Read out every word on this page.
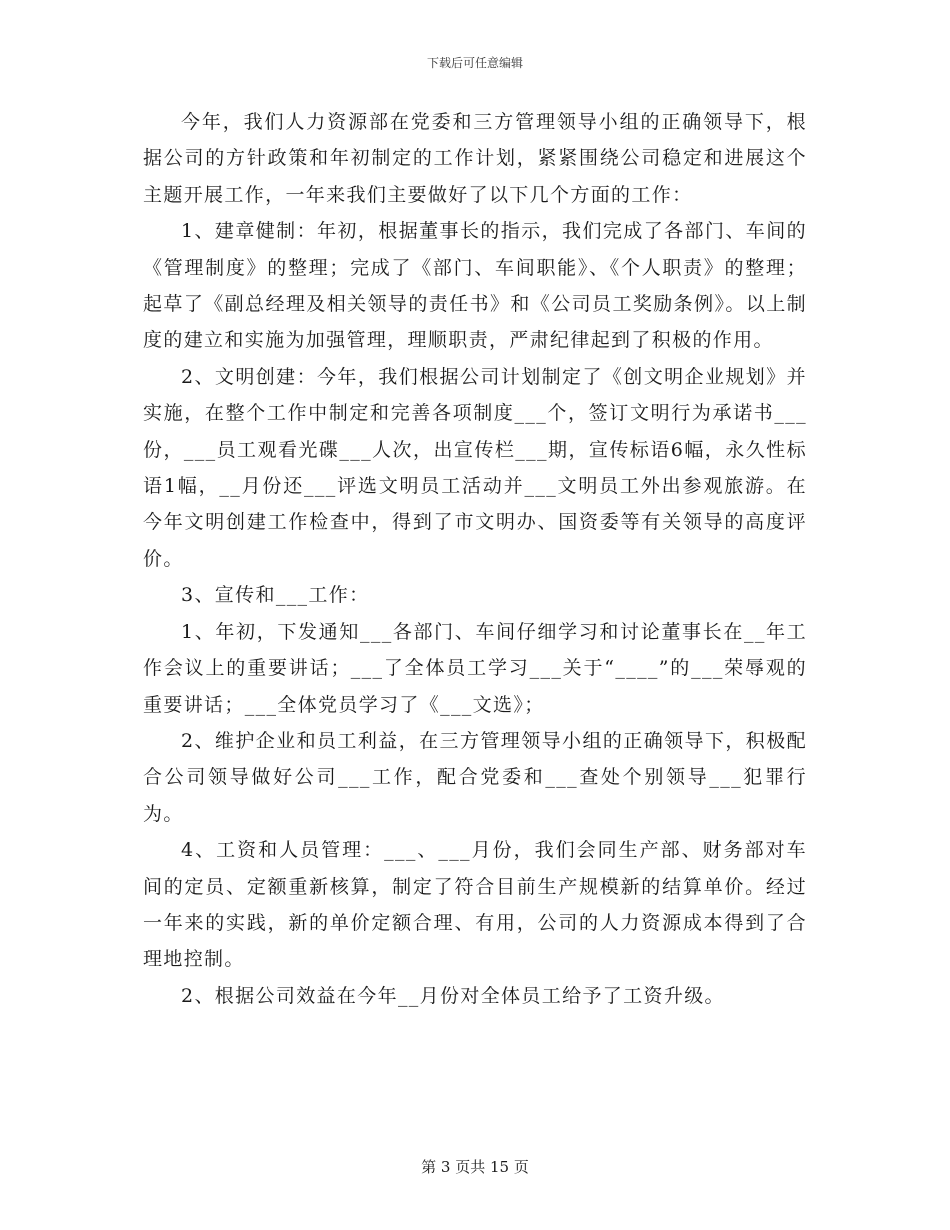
下载后可任意编辑

今年，我们人力资源部在党委和三方管理领导小组的正确领导下，根据公司的方针政策和年初制定的工作计划，紧紧围绕公司稳定和进展这个主题开展工作，一年来我们主要做好了以下几个方面的工作：

1、建章健制：年初，根据董事长的指示，我们完成了各部门、车间的《管理制度》的整理；完成了《部门、车间职能》、《个人职责》的整理；起草了《副总经理及相关领导的责任书》和《公司员工奖励条例》。以上制度的建立和实施为加强管理，理顺职责，严肃纪律起到了积极的作用。

2、文明创建：今年，我们根据公司计划制定了《创文明企业规划》并实施，在整个工作中制定和完善各项制度___个，签订文明行为承诺书___份，___员工观看光碟___人次，出宣传栏___期，宣传标语6幅，永久性标语1幅，__月份还___评选文明员工活动并___文明员工外出参观旅游。在今年文明创建工作检查中，得到了市文明办、国资委等有关领导的高度评价。

3、宣传和___工作：

1、年初，下发通知___各部门、车间仔细学习和讨论董事长在__年工作会议上的重要讲话；___了全体员工学习___关于“____”的___荣辱观的重要讲话；___全体党员学习了《___文选》；

2、维护企业和员工利益，在三方管理领导小组的正确领导下，积极配合公司领导做好公司___工作，配合党委和___查处个别领导___犯罪行为。

4、工资和人员管理：___、___月份，我们会同生产部、财务部对车间的定员、定额重新核算，制定了符合目前生产规模新的结算单价。经过一年来的实践，新的单价定额合理、有用，公司的人力资源成本得到了合理地控制。

2、根据公司效益在今年__月份对全体员工给予了工资升级。

第 3 页共 15 页
